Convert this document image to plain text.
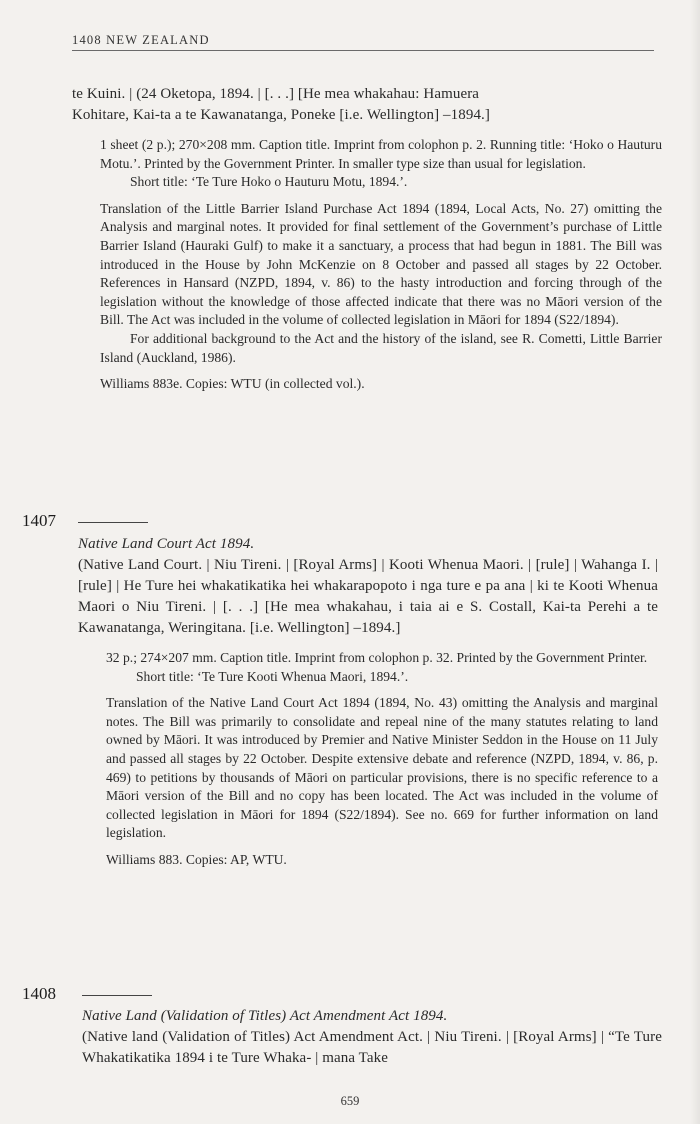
1408 NEW ZEALAND
te Kuini. | (24 Oketopa, 1894. | [. . .] [He mea whakahau: Hamuera
Kohitare, Kai-ta a te Kawanatanga, Poneke [i.e. Wellington] –1894.]

1 sheet (2 p.); 270×208 mm. Caption title. Imprint from colophon p. 2. Running title: ‘Hoko o Hauturu Motu.’. Printed by the Government Printer. In smaller type size than usual for legislation.

Short title: ‘Te Ture Hoko o Hauturu Motu, 1894.’.

Translation of the Little Barrier Island Purchase Act 1894 (1894, Local Acts, No. 27) omitting the Analysis and marginal notes. It provided for final settlement of the Government’s purchase of Little Barrier Island (Hauraki Gulf) to make it a sanctuary, a process that had begun in 1881. The Bill was introduced in the House by John McKenzie on 8 October and passed all stages by 22 October. References in Hansard (NZPD, 1894, v. 86) to the hasty introduction and forcing through of the legislation without the knowledge of those affected indicate that there was no Māori version of the Bill. The Act was included in the volume of collected legislation in Māori for 1894 (S22/1894).

For additional background to the Act and the history of the island, see R. Cometti, Little Barrier Island (Auckland, 1986).

Williams 883e. Copies: WTU (in collected vol.).

1407
Native Land Court Act 1894.
(Native Land Court. | Niu Tireni. | [Royal Arms] | Kooti Whenua Maori. | [rule] | Wahanga I. | [rule] | He Ture hei whakatikatika hei whakarapopoto i nga ture e pa ana | ki te Kooti Whenua Maori o Niu Tireni. | [. . .] [He mea whakahau, i taia ai e S. Costall, Kai-ta Perehi a te Kawanatanga, Weringitana. [i.e. Wellington] –1894.]

32 p.; 274×207 mm. Caption title. Imprint from colophon p. 32. Printed by the Government Printer.

Short title: ‘Te Ture Kooti Whenua Maori, 1894.’.

Translation of the Native Land Court Act 1894 (1894, No. 43) omitting the Analysis and marginal notes. The Bill was primarily to consolidate and repeal nine of the many statutes relating to land owned by Māori. It was introduced by Premier and Native Minister Seddon in the House on 11 July and passed all stages by 22 October. Despite extensive debate and reference (NZPD, 1894, v. 86, p. 469) to petitions by thousands of Māori on particular provisions, there is no specific reference to a Māori version of the Bill and no copy has been located. The Act was included in the volume of collected legislation in Māori for 1894 (S22/1894). See no. 669 for further information on land legislation.

Williams 883. Copies: AP, WTU.

1408
Native Land (Validation of Titles) Act Amendment Act 1894.
(Native land (Validation of Titles) Act Amendment Act. | Niu Tireni. | [Royal Arms] | “Te Ture Whakatikatika 1894 i te Ture Whaka- | mana Take
659
